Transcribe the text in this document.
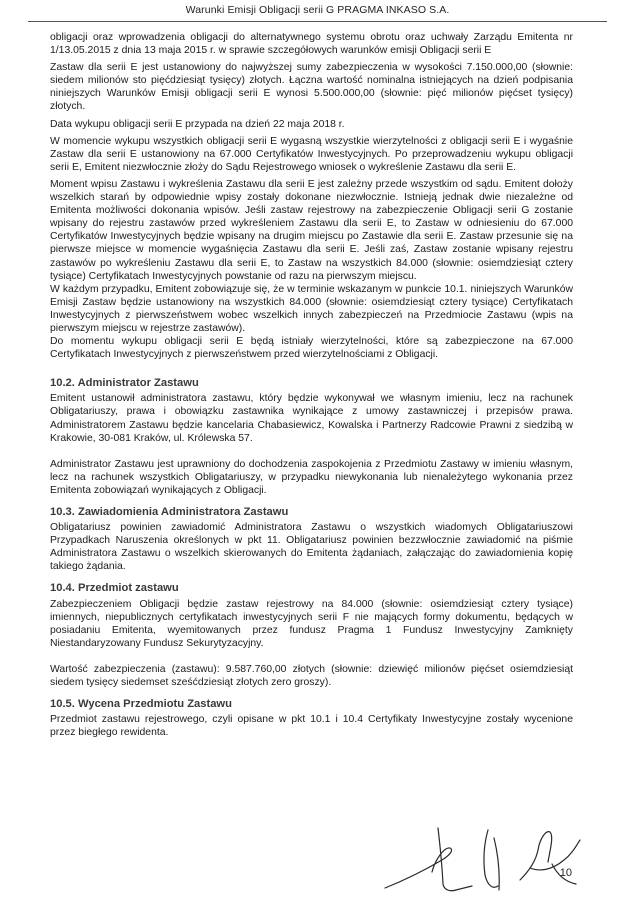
Warunki Emisji Obligacji serii G PRAGMA INKASO S.A.

obligacji oraz wprowadzenia obligacji do alternatywnego systemu obrotu oraz uchwały Zarządu Emitenta nr 1/13.05.2015 z dnia 13 maja 2015 r. w sprawie szczegółowych warunków emisji Obligacji serii E

Zastaw dla serii E jest ustanowiony do najwyższej sumy zabezpieczenia w wysokości 7.150.000,00 (słownie: siedem milionów sto pięćdziesiąt tysięcy) złotych. Łączna wartość nominalna istniejących na dzień podpisania niniejszych Warunków Emisji obligacji serii E wynosi 5.500.000,00 (słownie: pięć milionów pięćset tysięcy) złotych.

Data wykupu obligacji serii E przypada na dzień 22 maja 2018 r.

W momencie wykupu wszystkich obligacji serii E wygasną wszystkie wierzytelności z obligacji serii E i wygaśnie Zastaw dla serii E ustanowiony na 67.000 Certyfikatów Inwestycyjnych. Po przeprowadzeniu wykupu obligacji serii E, Emitent niezwłocznie złoży do Sądu Rejestrowego wniosek o wykreślenie Zastawu dla serii E.

Moment wpisu Zastawu i wykreślenia Zastawu dla serii E jest zależny przede wszystkim od sądu. Emitent dołoży wszelkich starań by odpowiednie wpisy zostały dokonane niezwłocznie. Istnieją jednak dwie niezależne od Emitenta możliwości dokonania wpisów. Jeśli zastaw rejestrowy na zabezpieczenie Obligacji serii G zostanie wpisany do rejestru zastawów przed wykreśleniem Zastawu dla serii E, to Zastaw w odniesieniu do 67.000 Certyfikatów Inwestycyjnych będzie wpisany na drugim miejscu po Zastawie dla serii E. Zastaw przesunie się na pierwsze miejsce w momencie wygaśnięcia Zastawu dla serii E. Jeśli zaś, Zastaw zostanie wpisany rejestru zastawów po wykreśleniu Zastawu dla serii E, to Zastaw na wszystkich 84.000 (słownie: osiemdziesiąt cztery tysiące) Certyfikatach Inwestycyjnych powstanie od razu na pierwszym miejscu.

W każdym przypadku, Emitent zobowiązuje się, że w terminie wskazanym w punkcie 10.1. niniejszych Warunków Emisji Zastaw będzie ustanowiony na wszystkich 84.000 (słownie: osiemdziesiąt cztery tysiące) Certyfikatach Inwestycyjnych z pierwszeństwem wobec wszelkich innych zabezpieczeń na Przedmiocie Zastawu (wpis na pierwszym miejscu w rejestrze zastawów).

Do momentu wykupu obligacji serii E będą istniały wierzytelności, które są zabezpieczone na 67.000 Certyfikatach Inwestycyjnych z pierwszeństwem przed wierzytelnościami z Obligacji.

10.2. Administrator Zastawu

Emitent ustanowił administratora zastawu, który będzie wykonywał we własnym imieniu, lecz na rachunek Obligatariuszy, prawa i obowiązku zastawnika wynikające z umowy zastawniczej i przepisów prawa. Administratorem Zastawu będzie kancelaria Chabasiewicz, Kowalska i Partnerzy Radcowie Prawni z siedzibą w Krakowie, 30-081 Kraków, ul. Królewska 57.

Administrator Zastawu jest uprawniony do dochodzenia zaspokojenia z Przedmiotu Zastawy w imieniu własnym, lecz na rachunek wszystkich Obligatariuszy, w przypadku niewykonania lub nienależytego wykonania przez Emitenta zobowiązań wynikających z Obligacji.

10.3. Zawiadomienia Administratora Zastawu

Obligatariusz powinien zawiadomić Administratora Zastawu o wszystkich wiadomych Obligatariuszowi Przypadkach Naruszenia określonych w pkt 11. Obligatariusz powinien bezzwłocznie zawiadomić na piśmie Administratora Zastawu o wszelkich skierowanych do Emitenta żądaniach, załączając do zawiadomienia kopię takiego żądania.

10.4. Przedmiot zastawu

Zabezpieczeniem Obligacji będzie zastaw rejestrowy na 84.000 (słownie: osiemdziesiąt cztery tysiące) imiennych, niepublicznych certyfikatach inwestycyjnych serii F nie mających formy dokumentu, będących w posiadaniu Emitenta, wyemitowanych przez fundusz Pragma 1 Fundusz Inwestycyjny Zamknięty Niestandaryzowany Fundusz Sekurytyzacyjny.

Wartość zabezpieczenia (zastawu): 9.587.760,00 złotych (słownie: dziewięć milionów pięćset osiemdziesiąt siedem tysięcy siedemset sześćdziesiąt złotych zero groszy).

10.5. Wycena Przedmiotu Zastawu

Przedmiot zastawu rejestrowego, czyli opisane w pkt 10.1 i 10.4 Certyfikaty Inwestycyjne zostały wycenione przez biegłego rewidenta.

10
